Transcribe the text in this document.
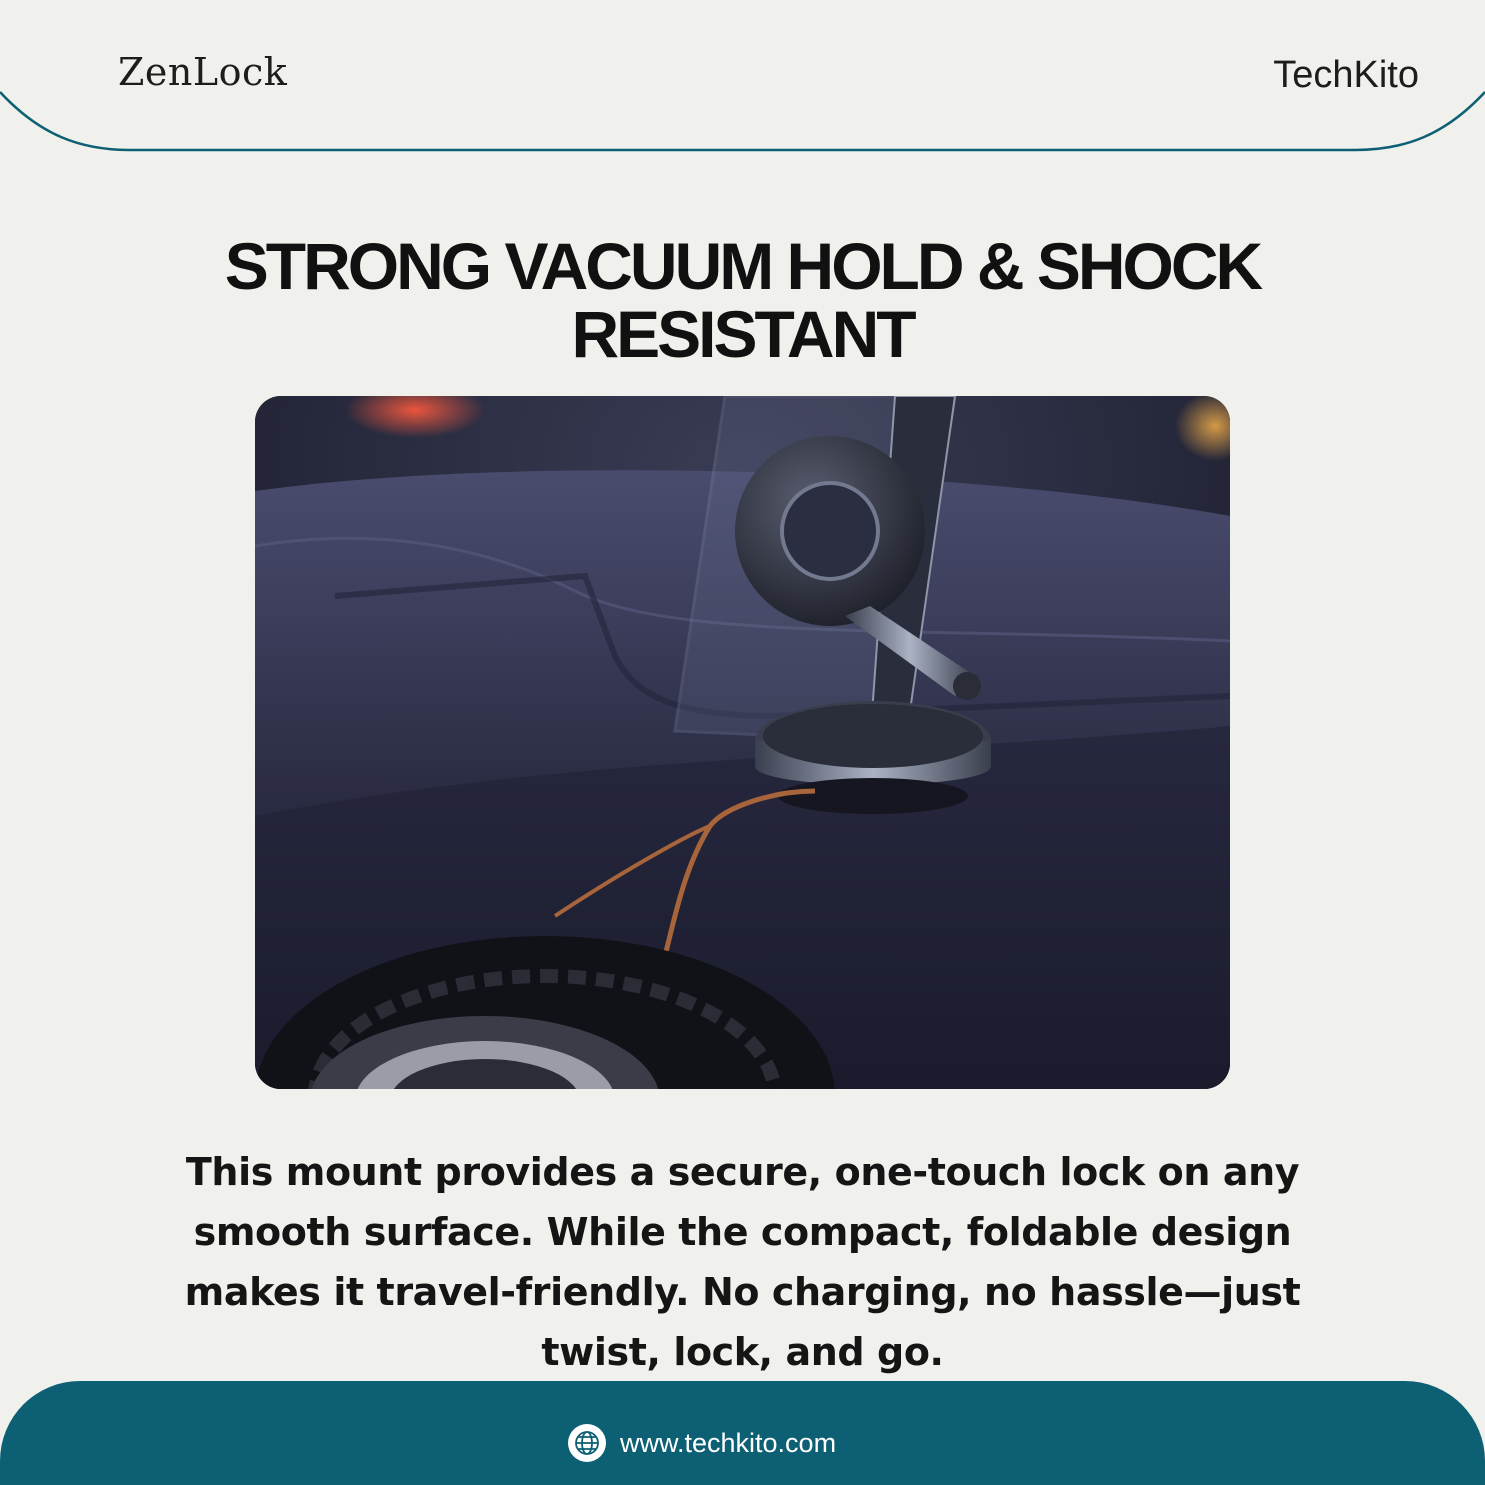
ZenLock	TechKito
STRONG VACUUM HOLD & SHOCK
RESISTANT

This mount provides a secure, one-touch lock on any smooth surface. While the compact, foldable design makes it travel-friendly. No charging, no hassle—just twist, lock, and go.

www.techkito.com
